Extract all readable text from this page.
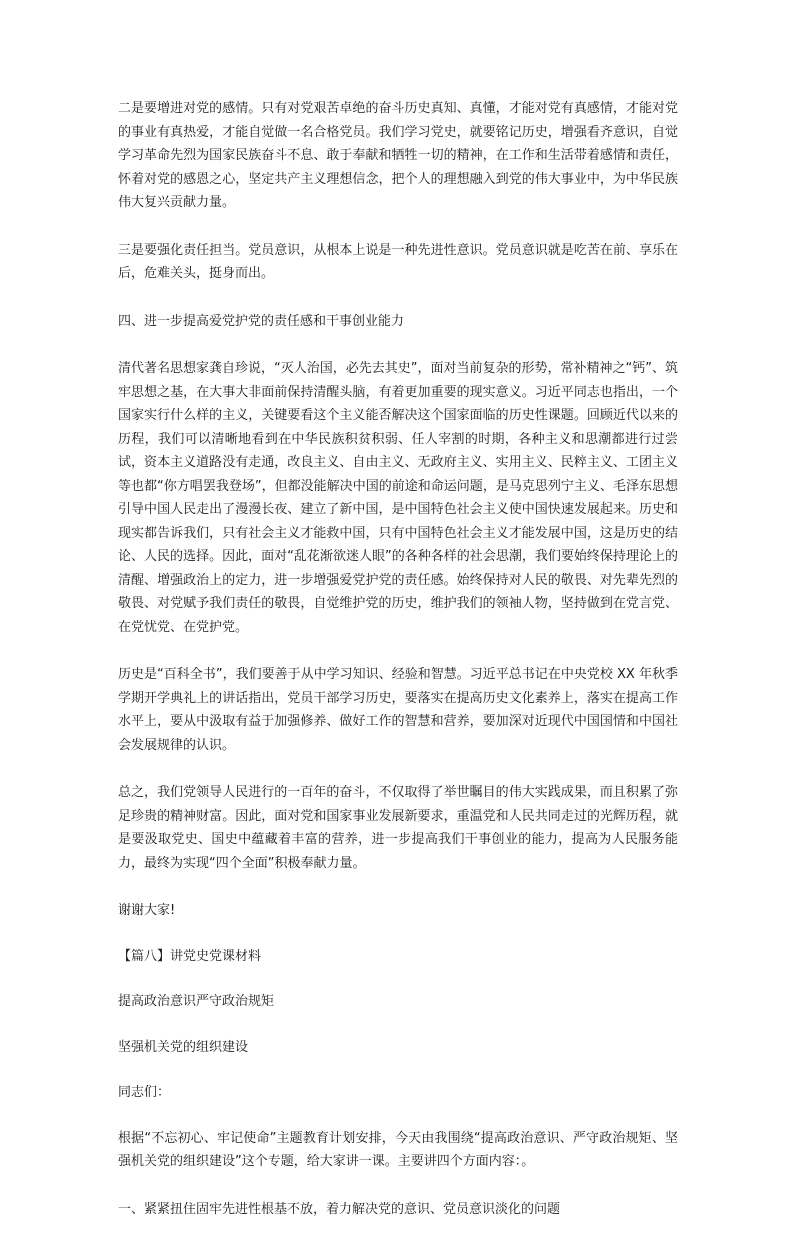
二是要增进对党的感情。只有对党艰苦卓绝的奋斗历史真知、真懂，才能对党有真感情，才能对党的事业有真热爱，才能自觉做一名合格党员。我们学习党史，就要铭记历史，增强看齐意识，自觉学习革命先烈为国家民族奋斗不息、敢于奉献和牺牲一切的精神，在工作和生活带着感情和责任，怀着对党的感恩之心，坚定共产主义理想信念，把个人的理想融入到党的伟大事业中，为中华民族伟大复兴贡献力量。

三是要强化责任担当。党员意识，从根本上说是一种先进性意识。党员意识就是吃苦在前、享乐在后，危难关头，挺身而出。

四、进一步提高爱党护党的责任感和干事创业能力

清代著名思想家龚自珍说，“灭人治国，必先去其史”，面对当前复杂的形势，常补精神之“钙”、筑牢思想之基，在大事大非面前保持清醒头脑，有着更加重要的现实意义。习近平同志也指出，一个国家实行什么样的主义，关键要看这个主义能否解决这个国家面临的历史性课题。回顾近代以来的历程，我们可以清晰地看到在中华民族积贫积弱、任人宰割的时期，各种主义和思潮都进行过尝试，资本主义道路没有走通，改良主义、自由主义、无政府主义、实用主义、民粹主义、工团主义等也都“你方唱罢我登场”，但都没能解决中国的前途和命运问题，是马克思列宁主义、毛泽东思想引导中国人民走出了漫漫长夜、建立了新中国，是中国特色社会主义使中国快速发展起来。历史和现实都告诉我们，只有社会主义才能救中国，只有中国特色社会主义才能发展中国，这是历史的结论、人民的选择。因此，面对“乱花渐欲迷人眼”的各种各样的社会思潮，我们要始终保持理论上的清醒、增强政治上的定力，进一步增强爱党护党的责任感。始终保持对人民的敬畏、对先辈先烈的敬畏、对党赋予我们责任的敬畏，自觉维护党的历史，维护我们的领袖人物，坚持做到在党言党、在党忧党、在党护党。

历史是“百科全书”，我们要善于从中学习知识、经验和智慧。习近平总书记在中央党校 XX 年秋季学期开学典礼上的讲话指出，党员干部学习历史，要落实在提高历史文化素养上，落实在提高工作水平上，要从中汲取有益于加强修养、做好工作的智慧和营养，要加深对近现代中国国情和中国社会发展规律的认识。

总之，我们党领导人民进行的一百年的奋斗，不仅取得了举世瞩目的伟大实践成果，而且积累了弥足珍贵的精神财富。因此，面对党和国家事业发展新要求，重温党和人民共同走过的光辉历程，就是要汲取党史、国史中蕴藏着丰富的营养，进一步提高我们干事创业的能力，提高为人民服务能力，最终为实现“四个全面”积极奉献力量。

谢谢大家!

【篇八】讲党史党课材料

提高政治意识严守政治规矩

坚强机关党的组织建设

同志们：

根据“不忘初心、牢记使命”主题教育计划安排，今天由我围绕“提高政治意识、严守政治规矩、坚强机关党的组织建设”这个专题，给大家讲一课。主要讲四个方面内容：。

一、紧紧扭住固牢先进性根基不放，着力解决党的意识、党员意识淡化的问题
